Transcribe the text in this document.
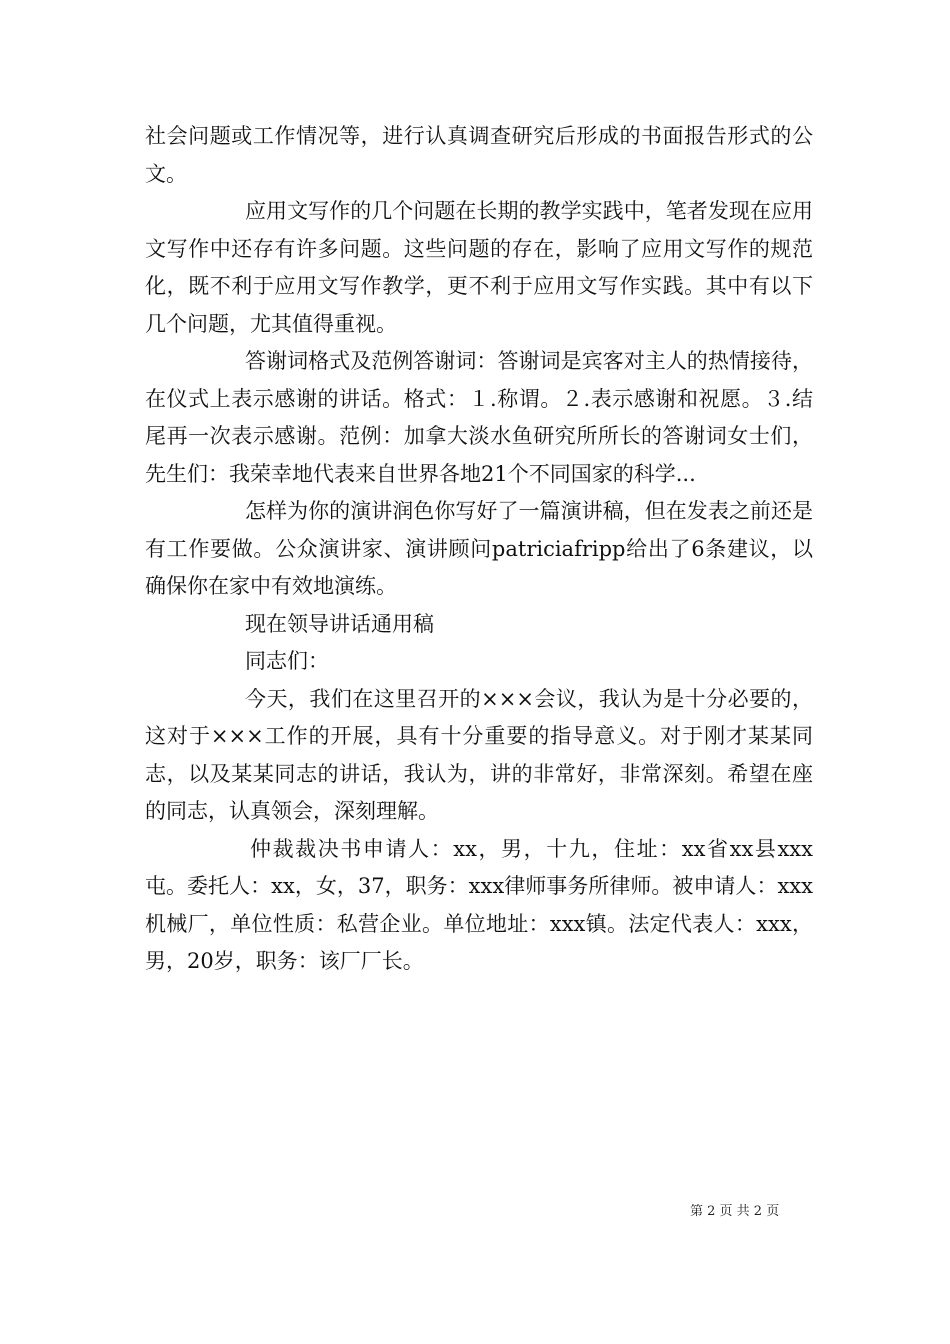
社会问题或工作情况等，进行认真调查研究后形成的书面报告形式的公文。

应用文写作的几个问题在长期的教学实践中，笔者发现在应用文写作中还存有许多问题。这些问题的存在，影响了应用文写作的规范化，既不利于应用文写作教学，更不利于应用文写作实践。其中有以下几个问题，尤其值得重视。

答谢词格式及范例答谢词：答谢词是宾客对主人的热情接待，在仪式上表示感谢的讲话。格式：１.称谓。２.表示感谢和祝愿。３.结尾再一次表示感谢。范例：加拿大淡水鱼研究所所长的答谢词女士们，先生们：我荣幸地代表来自世界各地21个不同国家的科学...

怎样为你的演讲润色你写好了一篇演讲稿，但在发表之前还是有工作要做。公众演讲家、演讲顾问patriciafripp给出了6条建议，以确保你在家中有效地演练。

现在领导讲话通用稿

同志们：

今天，我们在这里召开的×××会议，我认为是十分必要的，这对于×××工作的开展，具有十分重要的指导意义。对于刚才某某同志，以及某某同志的讲话，我认为，讲的非常好，非常深刻。希望在座的同志，认真领会，深刻理解。

仲裁裁决书申请人：xx，男，十九，住址：xx省xx县xxx屯。委托人：xx，女，37，职务：xxx律师事务所律师。被申请人：xxx机械厂，单位性质：私营企业。单位地址：xxx镇。法定代表人：xxx，男，20岁，职务：该厂厂长。

第 2 页 共 2 页
